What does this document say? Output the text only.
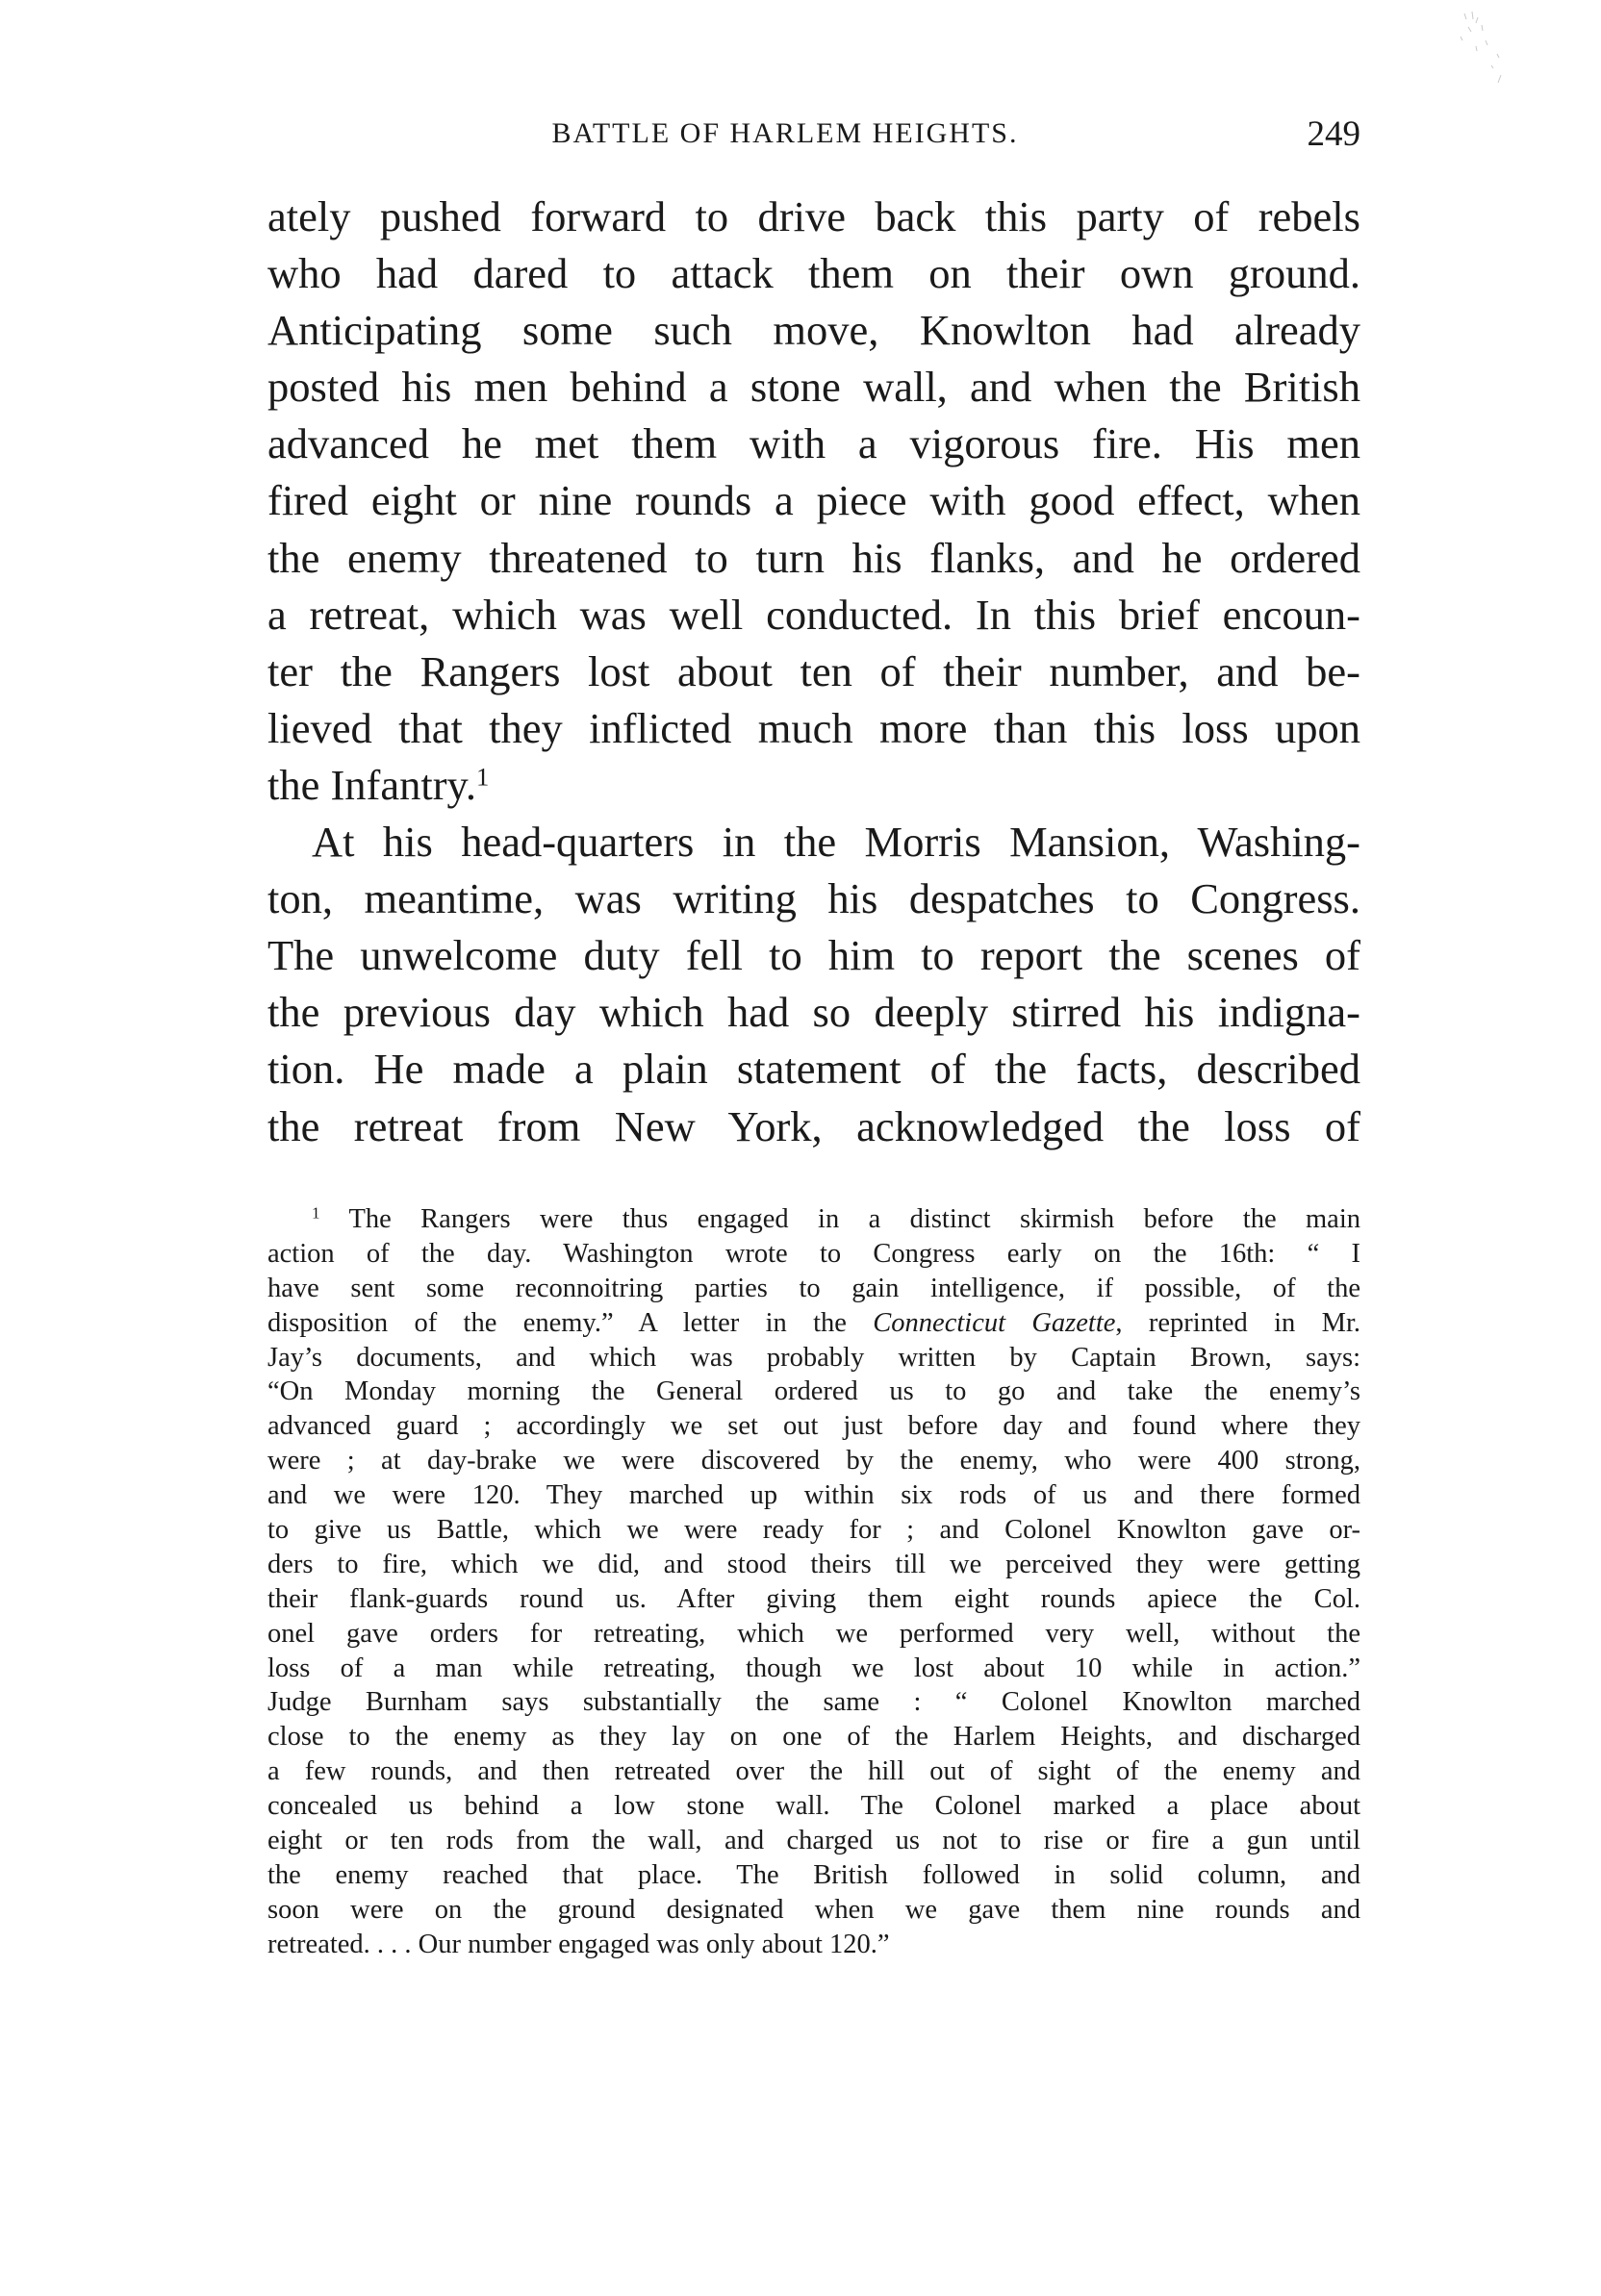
BATTLE OF HARLEM HEIGHTS.	249
ately pushed forward to drive back this party of rebels
who had dared to attack them on their own ground.
Anticipating some such move, Knowlton had already
posted his men behind a stone wall, and when the British
advanced he met them with a vigorous fire. His men
fired eight or nine rounds a piece with good effect, when
the enemy threatened to turn his flanks, and he ordered
a retreat, which was well conducted. In this brief encoun-
ter the Rangers lost about ten of their number, and be-
lieved that they inflicted much more than this loss upon
the Infantry.$^1$
At his head-quarters in the Morris Mansion, Washing-
ton, meantime, was writing his despatches to Congress.
The unwelcome duty fell to him to report the scenes of
the previous day which had so deeply stirred his indigna-
tion. He made a plain statement of the facts, described
the retreat from New York, acknowledged the loss of
$^1$ The Rangers were thus engaged in a distinct skirmish before the main
action of the day. Washington wrote to Congress early on the 16th: “ I
have sent some reconnoitring parties to gain intelligence, if possible, of the
disposition of the enemy.” A letter in the Connecticut Gazette, reprinted in Mr.
Jay’s documents, and which was probably written by Captain Brown, says:
“On Monday morning the General ordered us to go and take the enemy’s
advanced guard ; accordingly we set out just before day and found where they
were ; at day-brake we were discovered by the enemy, who were 400 strong,
and we were 120. They marched up within six rods of us and there formed
to give us Battle, which we were ready for ; and Colonel Knowlton gave or-
ders to fire, which we did, and stood theirs till we perceived they were getting
their flank-guards round us. After giving them eight rounds apiece the Col.
onel gave orders for retreating, which we performed very well, without the
loss of a man while retreating, though we lost about 10 while in action.”
Judge Burnham says substantially the same : “ Colonel Knowlton marched
close to the enemy as they lay on one of the Harlem Heights, and discharged
a few rounds, and then retreated over the hill out of sight of the enemy and
concealed us behind a low stone wall. The Colonel marked a place about
eight or ten rods from the wall, and charged us not to rise or fire a gun until
the enemy reached that place. The British followed in solid column, and
soon were on the ground designated when we gave them nine rounds and
retreated. . . . Our number engaged was only about 120.”
